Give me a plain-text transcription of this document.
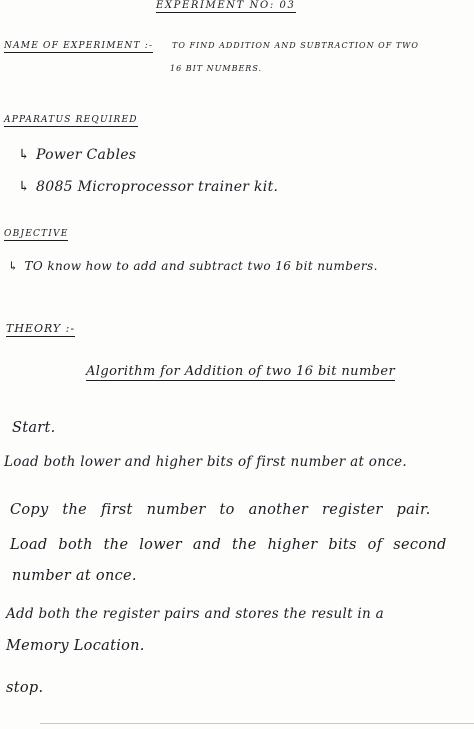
EXPERIMENT NO: 03
NAME OF EXPERIMENT :- TO FIND ADDITION AND SUBTRACTION OF TWO
16 BIT NUMBERS.
APPARATUS REQUIRED
↳ Power Cables
↳ 8085 Microprocessor trainer kit.
OBJECTIVE
↳ TO know how to add and subtract two 16 bit numbers.
THEORY :-
Algorithm for Addition of two 16 bit number
Start.
Load both lower and higher bits of first number at once.
Copy the first number to another register pair.
Load both the lower and the higher bits of second
number at once.
Add both the register pairs and stores the result in a
Memory Location.
stop.
